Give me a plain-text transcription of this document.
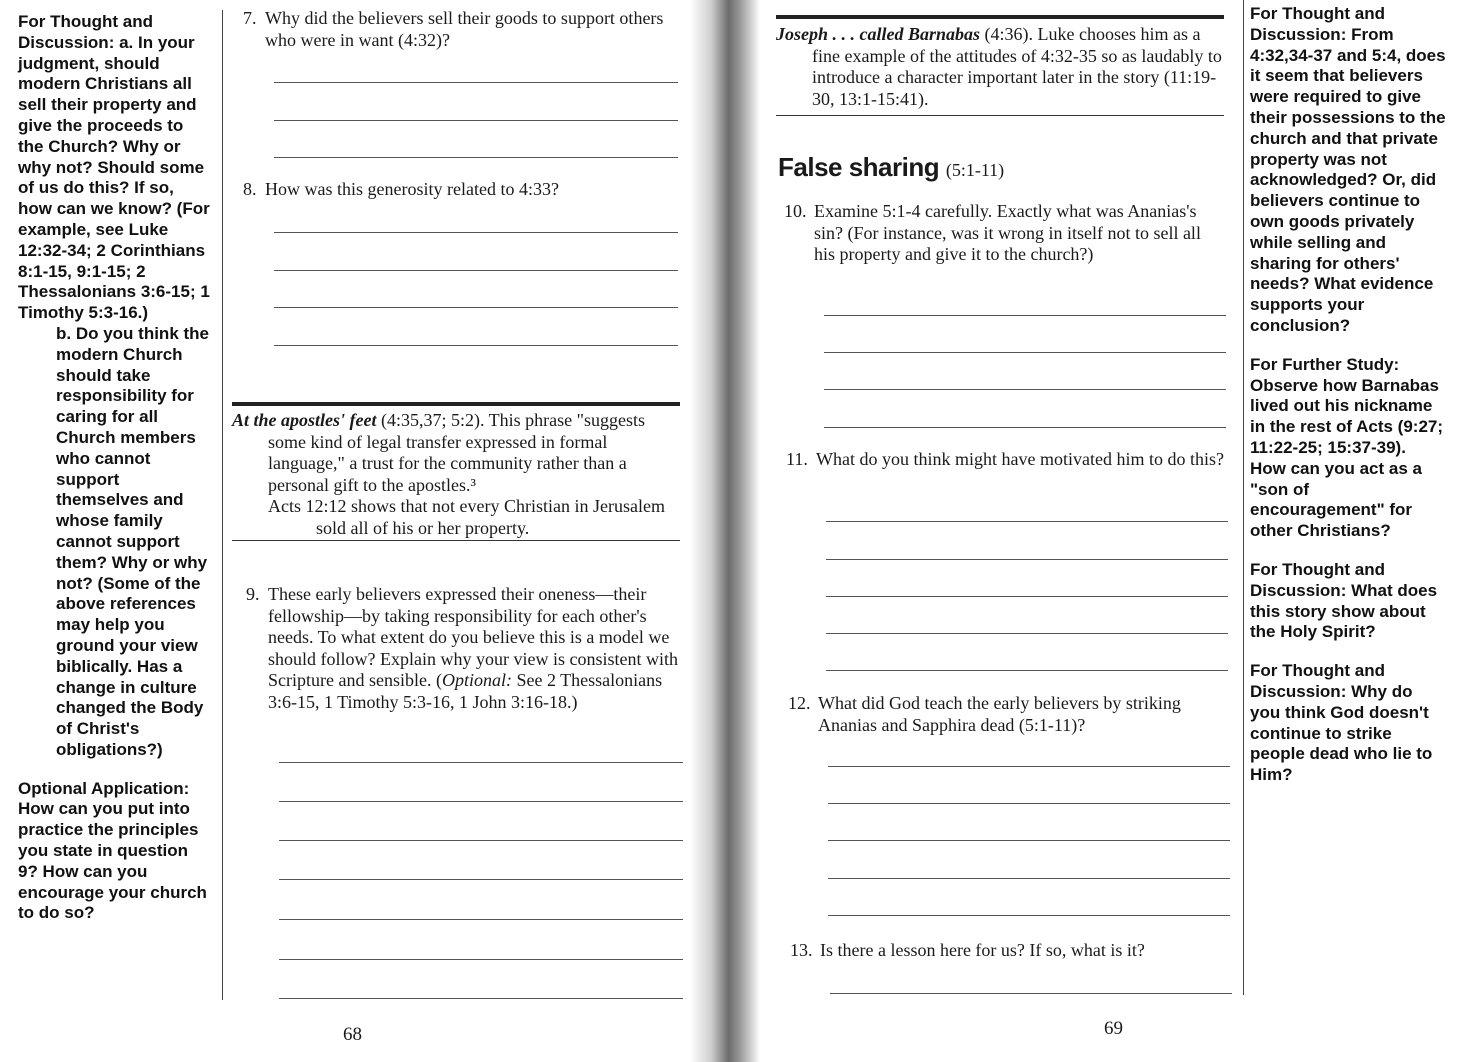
For Thought and Discussion: a. In your judgment, should modern Christians all sell their property and give the proceeds to the Church? Why or why not? Should some of us do this? If so, how can we know? (For example, see Luke 12:32-34; 2 Corinthians 8:1-15, 9:1-15; 2 Thessalonians 3:6-15; 1 Timothy 5:3-16.)
b. Do you think the modern Church should take responsibility for caring for all Church members who cannot support themselves and whose family cannot support them? Why or why not? (Some of the above references may help you ground your view biblically. Has a change in culture changed the Body of Christ's obligations?)

Optional Application: How can you put into practice the principles you state in question 9? How can you encourage your church to do so?

7. Why did the believers sell their goods to support others who were in want (4:32)?
8. How was this generosity related to 4:33?
At the apostles' feet (4:35,37; 5:2). This phrase "suggests some kind of legal transfer expressed in formal language," a trust for the community rather than a personal gift to the apostles.³
Acts 12:12 shows that not every Christian in Jerusalem sold all of his or her property.
9. These early believers expressed their oneness—their fellowship—by taking responsibility for each other's needs. To what extent do you believe this is a model we should follow? Explain why your view is consistent with Scripture and sensible. (Optional: See 2 Thessalonians 3:6-15, 1 Timothy 5:3-16, 1 John 3:16-18.)
68
Joseph . . . called Barnabas (4:36). Luke chooses him as a fine example of the attitudes of 4:32-35 so as laudably to introduce a character important later in the story (11:19-30, 13:1-15:41).
False sharing (5:1-11)
10. Examine 5:1-4 carefully. Exactly what was Ananias's sin? (For instance, was it wrong in itself not to sell all his property and give it to the church?)
11. What do you think might have motivated him to do this?
12. What did God teach the early believers by striking Ananias and Sapphira dead (5:1-11)?
13. Is there a lesson here for us? If so, what is it?
69

For Thought and Discussion: From 4:32,34-37 and 5:4, does it seem that believers were required to give their possessions to the church and that private property was not acknowledged? Or, did believers continue to own goods privately while selling and sharing for others' needs? What evidence supports your conclusion?

For Further Study: Observe how Barnabas lived out his nickname in the rest of Acts (9:27; 11:22-25; 15:37-39). How can you act as a "son of encouragement" for other Christians?

For Thought and Discussion: What does this story show about the Holy Spirit?

For Thought and Discussion: Why do you think God doesn't continue to strike people dead who lie to Him?
